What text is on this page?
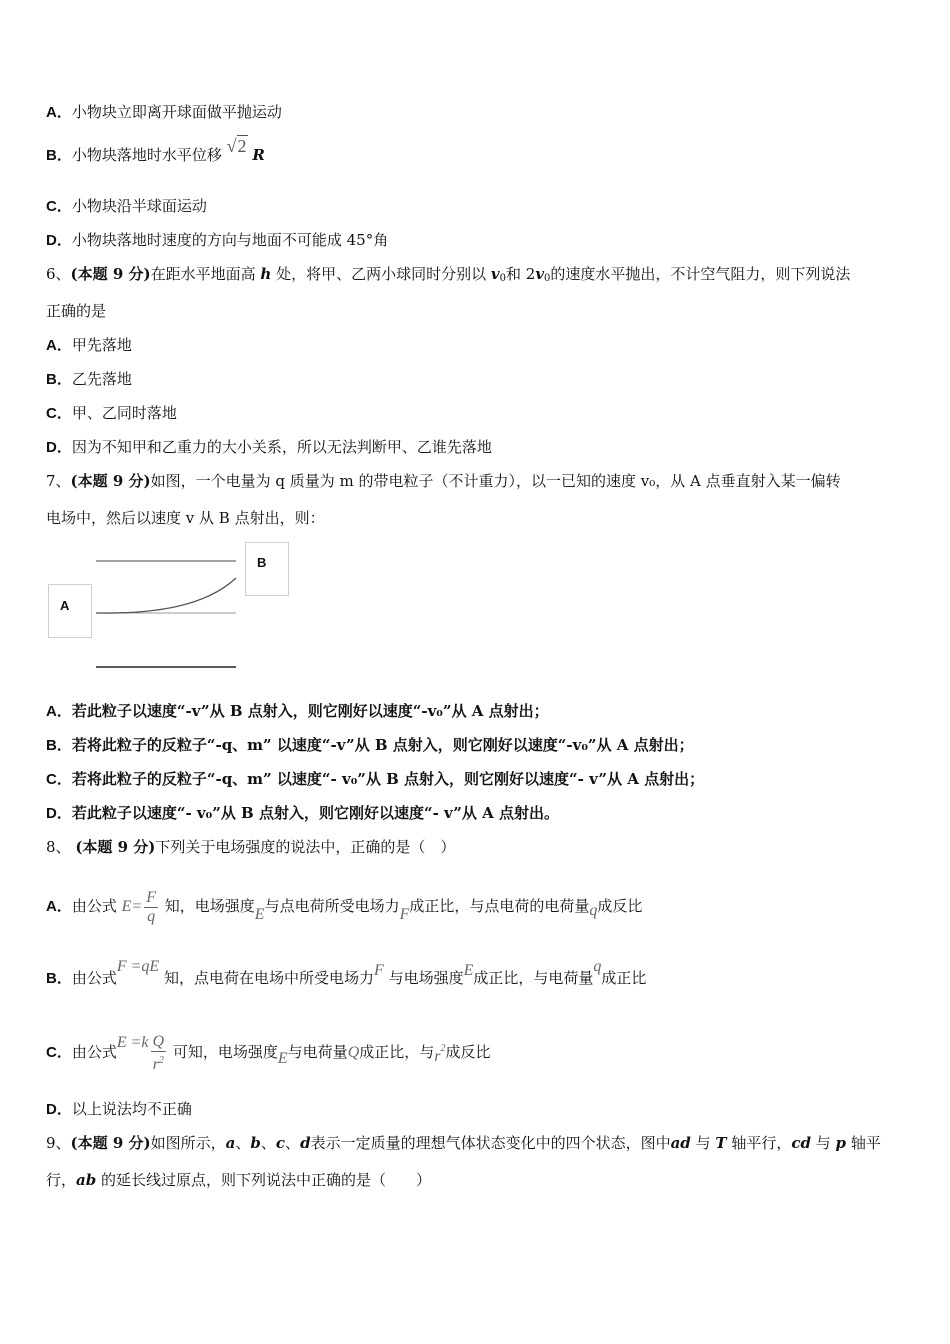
A．小物块立即离开球面做平抛运动
B．小物块落地时水平位移 √2 R
C．小物块沿半球面运动
D．小物块落地时速度的方向与地面不可能成 45°角
6、(本题 9 分)在距水平地面高 h 处，将甲、乙两小球同时分别以 $v_0$和 $2v_0$的速度水平抛出，不计空气阻力，则下列说法
正确的是
A．甲先落地
B．乙先落地
C．甲、乙同时落地
D．因为不知甲和乙重力的大小关系，所以无法判断甲、乙谁先落地
7、(本题 9 分)如图，一个电量为 q 质量为 m 的带电粒子（不计重力），以一已知的速度 v₀，从 A 点垂直射入某一偏转
电场中，然后以速度 v 从 B 点射出，则：
A
B
A．若此粒子以速度“-v”从 B 点射入，则它刚好以速度“-v₀”从 A 点射出；
B．若将此粒子的反粒子“-q、m” 以速度“-v”从 B 点射入，则它刚好以速度“-v₀”从 A 点射出；
C．若将此粒子的反粒子“-q、m” 以速度“- v₀”从 B 点射入，则它刚好以速度“- v”从 A 点射出；
D．若此粒子以速度“- v₀”从 B 点射入，则它刚好以速度“- v”从 A 点射出。
8、 (本题 9 分)下列关于电场强度的说法中，正确的是（　）
A．由公式 $E= \frac{F}{q}$ 知，电场强度E与点电荷所受电场力F成正比，与点电荷的电荷量q成反比
B．由公式F =qE 知，点电荷在电场中所受电场力F 与电场强度E成正比，与电荷量q成正比
C．由公式$E =k \frac{Q}{r^2}$ 可知，电场强度E与电荷量Q成正比，与$r^2$成反比
D．以上说法均不正确
9、(本题 9 分)如图所示，a、b、c、d表示一定质量的理想气体状态变化中的四个状态，图中ad 与 T 轴平行，cd 与 p 轴平
行，ab 的延长线过原点，则下列说法中正确的是（　　）
